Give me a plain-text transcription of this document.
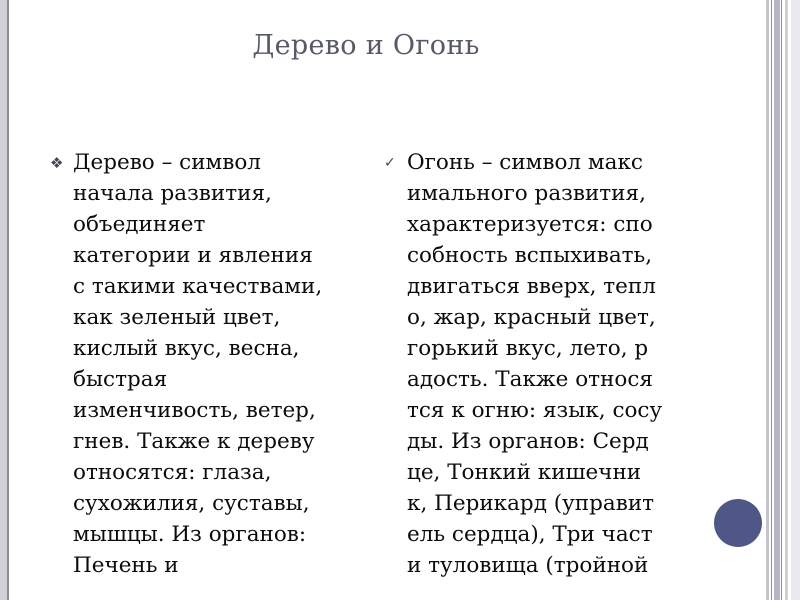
Дерево и Огонь
❖ Дерево – символ
начала развития,
объединяет
категории и явления
с такими качествами,
как зеленый цвет,
кислый вкус, весна,
быстрая
изменчивость, ветер,
гнев. Также к дереву
относятся: глаза,
сухожилия, суставы,
мышцы. Из органов:
Печень и

✓ Огонь – символ макс
имального развития,
характеризуется: спо
собность вспыхивать,
двигаться вверх, тепл
о, жар, красный цвет,
горький вкус, лето, р
адость. Также относя
тся к огню: язык, сосу
ды. Из органов: Серд
це, Тонкий кишечни
к, Перикард (управит
ель сердца), Три част
и туловища (тройной
